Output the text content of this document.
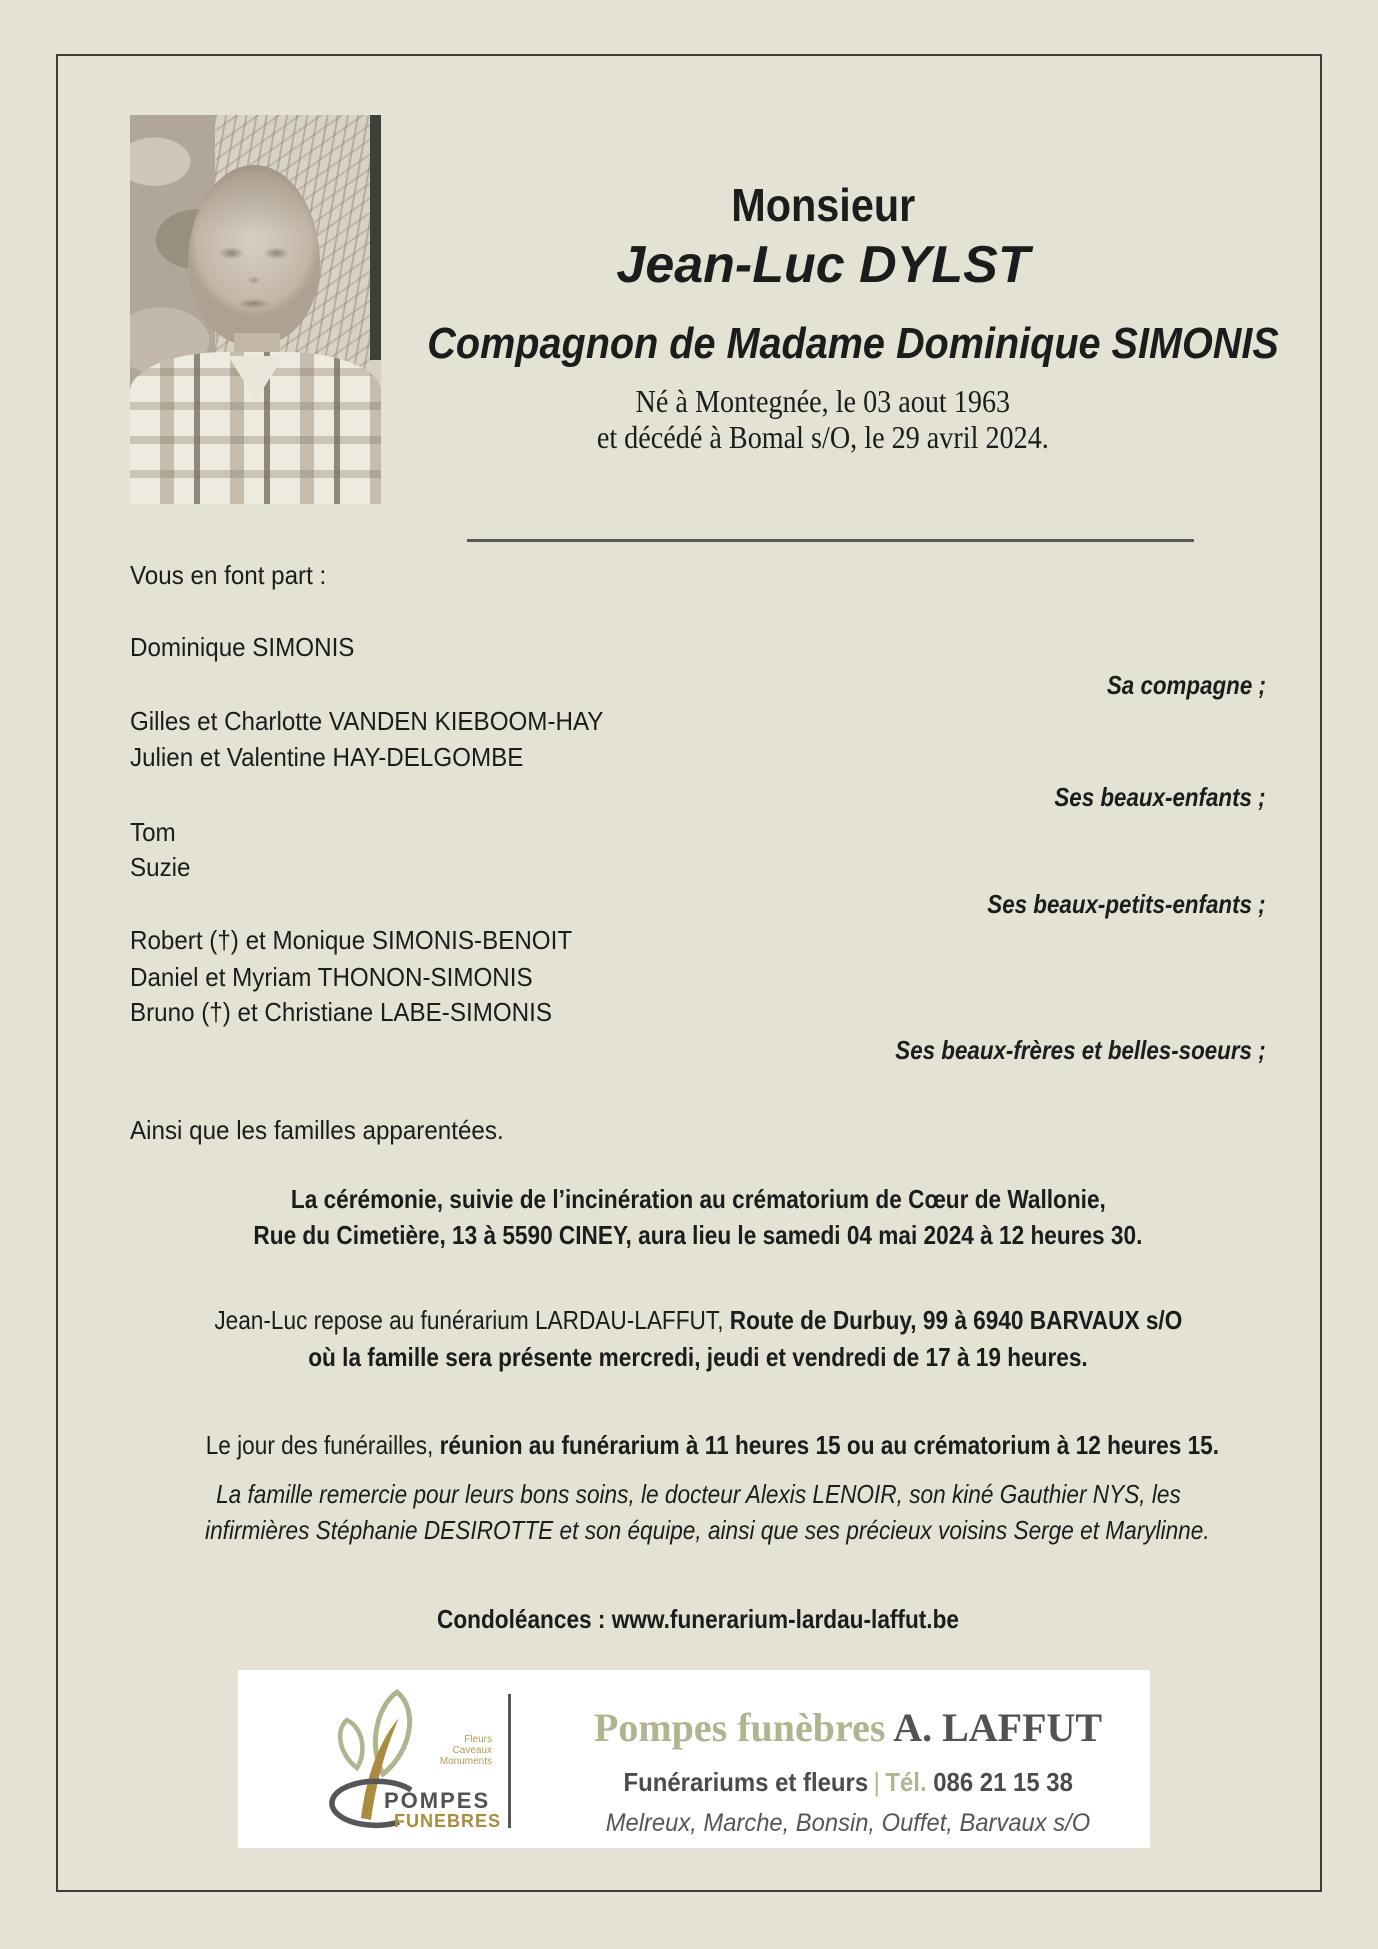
Monsieur
Jean-Luc DYLST
Compagnon de Madame Dominique SIMONIS
Né à Montegnée, le 03 aout 1963
et décédé à Bomal s/O, le 29 avril 2024.
Vous en font part :
Dominique SIMONIS
Sa compagne ;
Gilles et Charlotte VANDEN KIEBOOM-HAY
Julien et Valentine HAY-DELGOMBE
Ses beaux-enfants ;
Tom
Suzie
Ses beaux-petits-enfants ;
Robert (†) et Monique SIMONIS-BENOIT
Daniel et Myriam THONON-SIMONIS
Bruno (†) et Christiane LABE-SIMONIS
Ses beaux-frères et belles-soeurs ;
Ainsi que les familles apparentées.
La cérémonie, suivie de l’incinération au crématorium de Cœur de Wallonie,
Rue du Cimetière, 13 à 5590 CINEY, aura lieu le samedi 04 mai 2024 à 12 heures 30.
Jean-Luc repose au funérarium LARDAU-LAFFUT, Route de Durbuy, 99 à 6940 BARVAUX s/O
où la famille sera présente mercredi, jeudi et vendredi de 17 à 19 heures.
Le jour des funérailles, réunion au funérarium à 11 heures 15 ou au crématorium à 12 heures 15.
La famille remercie pour leurs bons soins, le docteur Alexis LENOIR, son kiné Gauthier NYS, les
infirmières Stéphanie DESIROTTE et son équipe, ainsi que ses précieux voisins Serge et Marylinne.
Condoléances : www.funerarium-lardau-laffut.be
POMPES
FUNEBRES
Fleurs
Caveaux
Monuments
Pompes funèbres A. LAFFUT
Funérariums et fleurs | Tél. 086 21 15 38
Melreux, Marche, Bonsin, Ouffet, Barvaux s/O
